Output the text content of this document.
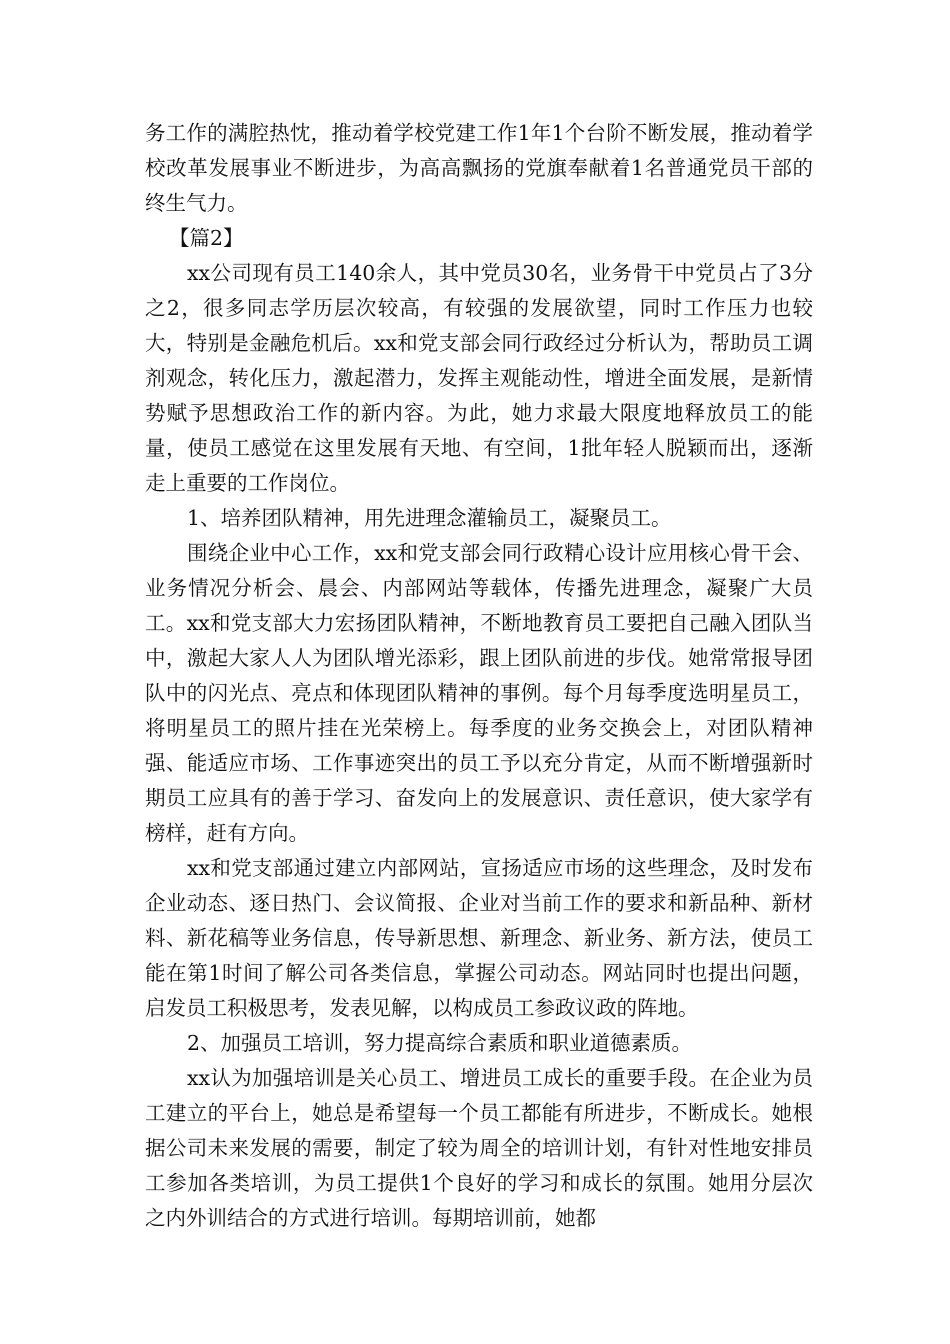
务工作的满腔热忱，推动着学校党建工作1年1个台阶不断发展，推动着学校改革发展事业不断进步，为高高飘扬的党旗奉献着1名普通党员干部的终生气力。

【篇2】

xx公司现有员工140余人，其中党员30名，业务骨干中党员占了3分之2，很多同志学历层次较高，有较强的发展欲望，同时工作压力也较大，特别是金融危机后。xx和党支部会同行政经过分析认为，帮助员工调剂观念，转化压力，激起潜力，发挥主观能动性，增进全面发展，是新情势赋予思想政治工作的新内容。为此，她力求最大限度地释放员工的能量，使员工感觉在这里发展有天地、有空间，1批年轻人脱颖而出，逐渐走上重要的工作岗位。

1、培养团队精神，用先进理念灌输员工，凝聚员工。

围绕企业中心工作，xx和党支部会同行政精心设计应用核心骨干会、业务情况分析会、晨会、内部网站等载体，传播先进理念，凝聚广大员工。xx和党支部大力宏扬团队精神，不断地教育员工要把自己融入团队当中，激起大家人人为团队增光添彩，跟上团队前进的步伐。她常常报导团队中的闪光点、亮点和体现团队精神的事例。每个月每季度选明星员工，将明星员工的照片挂在光荣榜上。每季度的业务交换会上，对团队精神强、能适应市场、工作事迹突出的员工予以充分肯定，从而不断增强新时期员工应具有的善于学习、奋发向上的发展意识、责任意识，使大家学有榜样，赶有方向。

xx和党支部通过建立内部网站，宣扬适应市场的这些理念，及时发布企业动态、逐日热门、会议简报、企业对当前工作的要求和新品种、新材料、新花稿等业务信息，传导新思想、新理念、新业务、新方法，使员工能在第1时间了解公司各类信息，掌握公司动态。网站同时也提出问题，启发员工积极思考，发表见解，以构成员工参政议政的阵地。

2、加强员工培训，努力提高综合素质和职业道德素质。

xx认为加强培训是关心员工、增进员工成长的重要手段。在企业为员工建立的平台上，她总是希望每一个员工都能有所进步，不断成长。她根据公司未来发展的需要，制定了较为周全的培训计划，有针对性地安排员工参加各类培训，为员工提供1个良好的学习和成长的氛围。她用分层次之内外训结合的方式进行培训。每期培训前，她都
